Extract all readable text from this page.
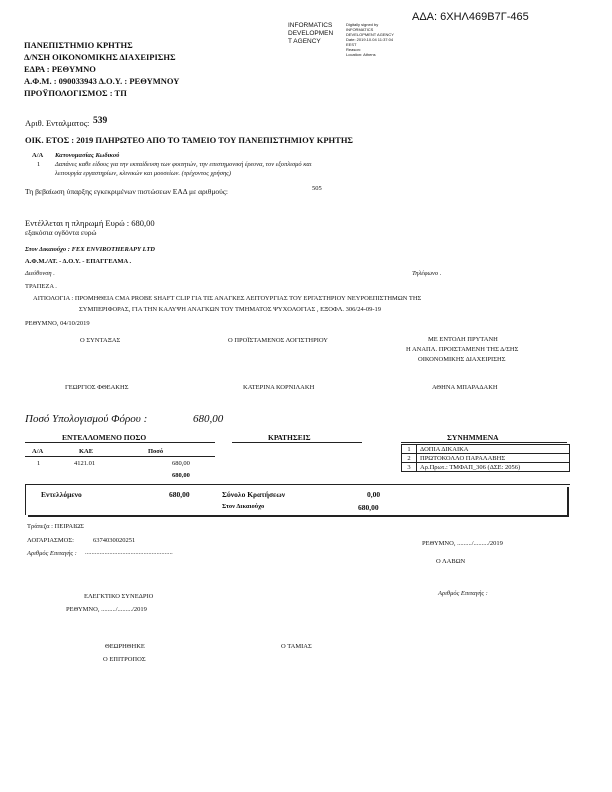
ΑΔΑ: 6ΧΗΛ469Β7Γ-465
INFORMATICS
DEVELOPMEN
T AGENCY
Digitally signed by
INFORMATICS
DEVELOPMENT AGENCY
Date: 2019.10.04 11:37:04
EEST
Reason:
Location: Athens
ΠΑΝΕΠΙΣΤΗΜΙΟ ΚΡΗΤΗΣ
Δ/ΝΣΗ ΟΙΚΟΝΟΜΙΚΗΣ ΔΙΑΧΕΙΡΙΣΗΣ
ΕΔΡΑ : ΡΕΘΥΜΝΟ
Α.Φ.Μ. : 090033943 Δ.Ο.Υ. : ΡΕΘΥΜΝΟΥ
ΠΡΟΫΠΟΛΟΓΙΣΜΟΣ : ΤΠ
Αριθ. Ενταλματος: 539
ΟΙΚ. ΕΤΟΣ : 2019 ΠΛΗΡΩΤΕΟ ΑΠΟ ΤΟ ΤΑΜΕΙΟ ΤΟΥ ΠΑΝΕΠΙΣΤΗΜΙΟΥ ΚΡΗΤΗΣ
Α/Α Κατονομασίας Κωδικού
1 Δαπάνες καθε είδους για την εκπαίδευση των φοιτητών, την επιστημονική έρευνα, τον εξοπλισμό και
λειτουργία εργαστηρίων, κλινικών και μουσείων. (τρέχοντος χρήσης)
Τη βεβαίωση ύπαρξης εγκεκριμένων πιστώσεων ΕΑΔ με αριθμούς:	505
Εντέλλεται η πληρωμή Ευρώ : 680,00
εξακόσια ογδόντα ευρώ
Στον Δικαιούχο : FEX ENVIROTHERAPY LTD
Α.Φ.Μ./ΑΤ. - Δ.Ο.Υ. - ΕΠΑΓΓΕΛΜΑ .
Διεύθυνση .	Τηλέφωνο .
ΤΡΑΠΕΖΑ .
ΑΙΤΙΟΛΟΓΙΑ : ΠΡΟΜΗΘΕΙΑ CMA PROBE SHAFT CLIP ΓΙΑ ΤΙΣ ΑΝΑΓΚΕΣ ΛΕΙΤΟΥΡΓΙΑΣ ΤΟΥ ΕΡΓΑΣΤΗΡΙΟΥ ΝΕΥΡΟΕΠΙΣΤΗΜΩΝ ΤΗΣ
ΣΥΜΠΕΡΙΦΟΡΑΣ, ΓΙΑ ΤΗΝ ΚΑΛΥΨΗ ΑΝΑΓΚΩΝ ΤΟΥ ΤΜΗΜΑΤΟΣ ΨΥΧΟΛΟΓΙΑΣ , ΕΞΟΦΛ. 306/24-09-19
ΡΕΘΥΜΝΟ, 04/10/2019
Ο ΣΥΝΤΑΞΑΣ	Ο ΠΡΟΪΣΤΑΜΕΝΟΣ ΛΟΓΙΣΤΗΡΙΟΥ	ΜΕ ΕΝΤΟΛΗ ΠΡΥΤΑΝΗ
Η ΑΝΑΠΛ. ΠΡΟΙΣΤΑΜΕΝΗ ΤΗΣ Δ/ΣΗΣ
ΟΙΚΟΝΟΜΙΚΗΣ ΔΙΑΧΕΙΡΙΣΗΣ
ΓΕΩΡΓΙΟΣ ΦΘΕΑΚΗΣ	ΚΑΤΕΡΙΝΑ ΚΟΡΝΙΛΑΚΗ	ΑΘΗΝΑ ΜΠΑΡΑΔΑΚΗ
Ποσό Υπολογισμού Φόρου :	680,00
ΕΝΤΕΛΛΟΜΕΝΟ ΠΟΣΟ
Α/Α	ΚΑΕ	Ποσό
1	4121.01	680,00
680,00
ΚΡΑΤΗΣΕΙΣ	ΣΥΝΗΜΜΕΝΑ
1	ΔΟΠΙΑ ΔΙΚΑΙΚΑ
2	ΠΡΩΤΟΚΟΛΛΟ ΠΑΡΑΛΑΒΗΣ
3	Αρ.Πρωτ.: ΤΜΦΑΠ_306 (ΔΣΕ: 2056)
Εντελλόμενο	680,00	Σύνολο Κρατήσεων	0,00
Στον Δικαιούχο	680,00
Τράπεζα : ΠΕΙΡΑΙΩΣ
ΛΟΓΑΡΙΑΣΜΟΣ:	6374030020251
Αριθμός Επιταγής : ......................................................
ΡΕΘΥΜΝΟ, ........./........./2019
Ο ΛΑΒΩΝ
ΕΛΕΓΚΤΙΚΟ ΣΥΝΕΔΡΙΟ
ΡΕΘΥΜΝΟ, ........./........./2019
Αριθμός Επιταγής :
ΘΕΩΡΗΘΗΚΕ
Ο ΕΠΙΤΡΟΠΟΣ
Ο ΤΑΜΙΑΣ
